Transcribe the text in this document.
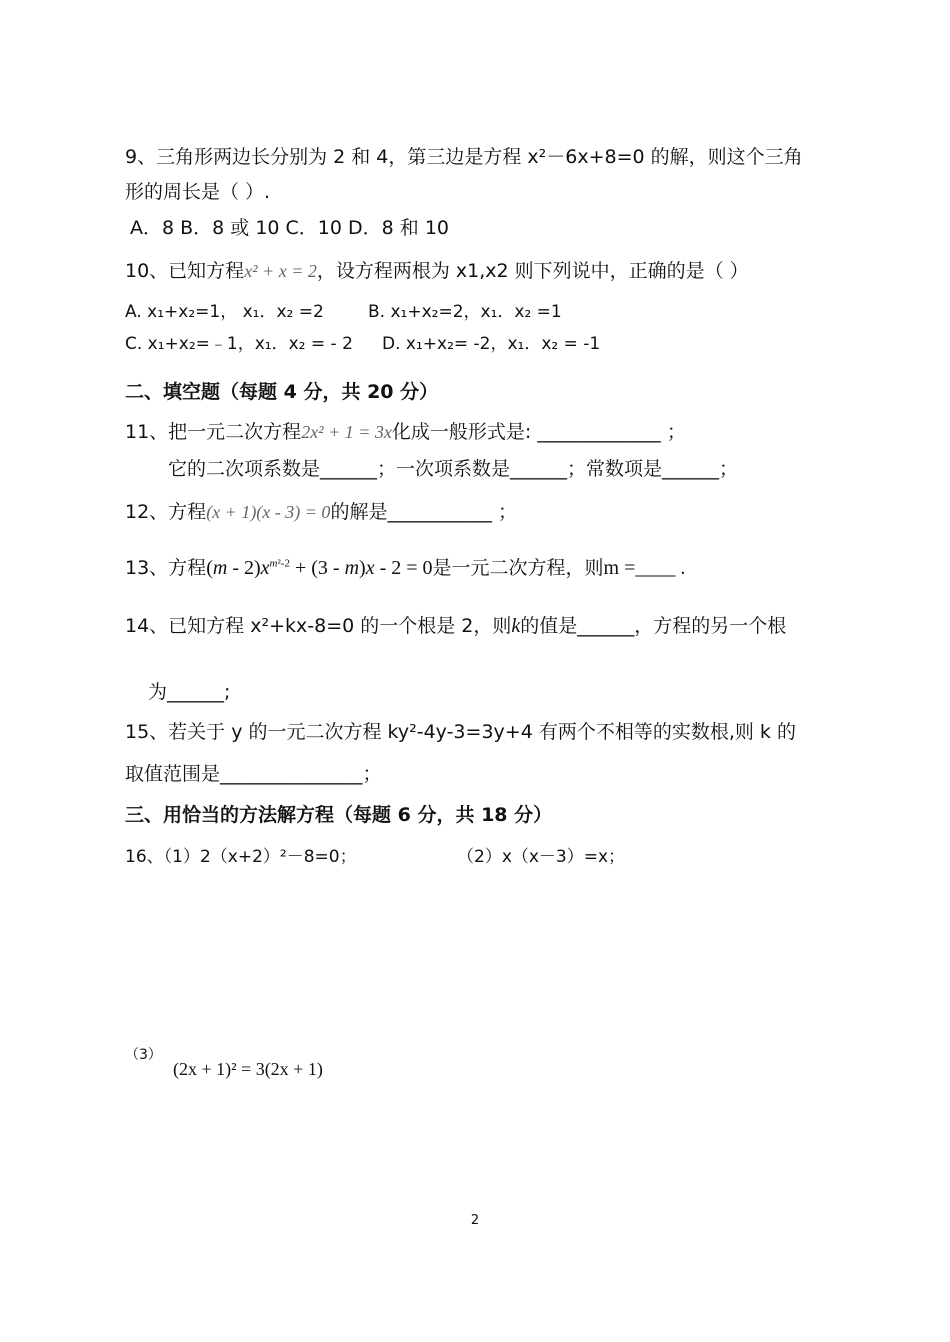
9、三角形两边长分别为 2 和 4，第三边是方程 x²－6x+8=0 的解，则这个三角
形的周长是（ ）.
A．8 B．8 或 10 C．10 D．8 和 10
10、已知方程x² + x = 2，设方程两根为 x1,x2 则下列说中，正确的是（ ）
A. x₁+x₂=1， x₁．x₂ =2	B. x₁+x₂=2，x₁．x₂ =1
C. x₁+x₂=﹣1，x₁．x₂ = - 2 D. x₁+x₂= -2，x₁．x₂ = -1
二、填空题（每题 4 分，共 20 分）
11、把一元二次方程2x² + 1 = 3x化成一般形式是: _____________ ；
它的二次项系数是______；一次项系数是______；常数项是______；
12、方程(x + 1)(x - 3) = 0的解是___________ ；
13、方程$(m - 2)x^{m^2-2} + (3 - m)x - 2 = 0$是一元二次方程，则m =____ .
14、已知方程 x²+kx-8=0 的一个根是 2，则k的值是______，方程的另一个根
为______;
15、若关于 y 的一元二次方程 ky²-4y-3=3y+4 有两个不相等的实数根,则 k 的
取值范围是_______________；
三、用恰当的方法解方程（每题 6 分，共 18 分）
16、（1）2（x+2）²－8=0；	（2）x（x－3）=x；
（3）
(2x + 1)² = 3(2x + 1)
2
